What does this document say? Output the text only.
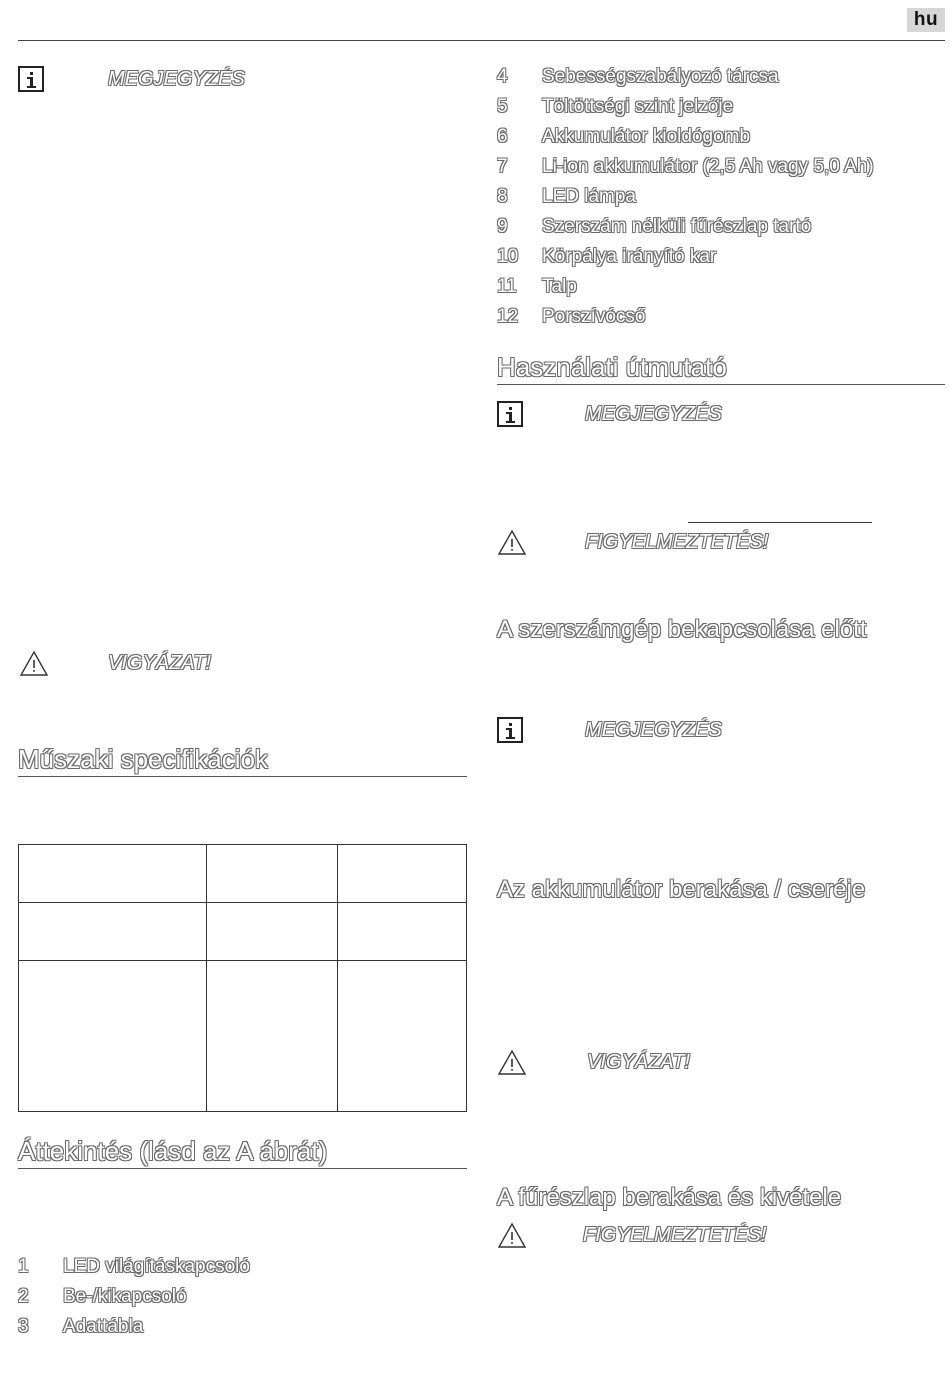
hu
MEGJEGYZÉS
VIGYÁZAT!
Műszaki specifikációk
Áttekintés (lásd az A ábrát)
1 LED világításkapcsoló
2 Be-/kikapcsoló
3 Adattábla
4 Sebességszabályozó tárcsa
5 Töltöttségi szint jelzője
6 Akkumulátor kioldógomb
7 Li-ion akkumulátor (2,5 Ah vagy 5,0 Ah)
8 LED lámpa
9 Szerszám nélküli fűrészlap tartó
10 Körpálya irányító kar
11 Talp
12 Porszívócső
Használati útmutató
MEGJEGYZÉS
FIGYELMEZTETÉS!
A szerszámgép bekapcsolása előtt
MEGJEGYZÉS
Az akkumulátor berakása / cseréje
VIGYÁZAT!
A fűrészlap berakása és kivétele
FIGYELMEZTETÉS!
